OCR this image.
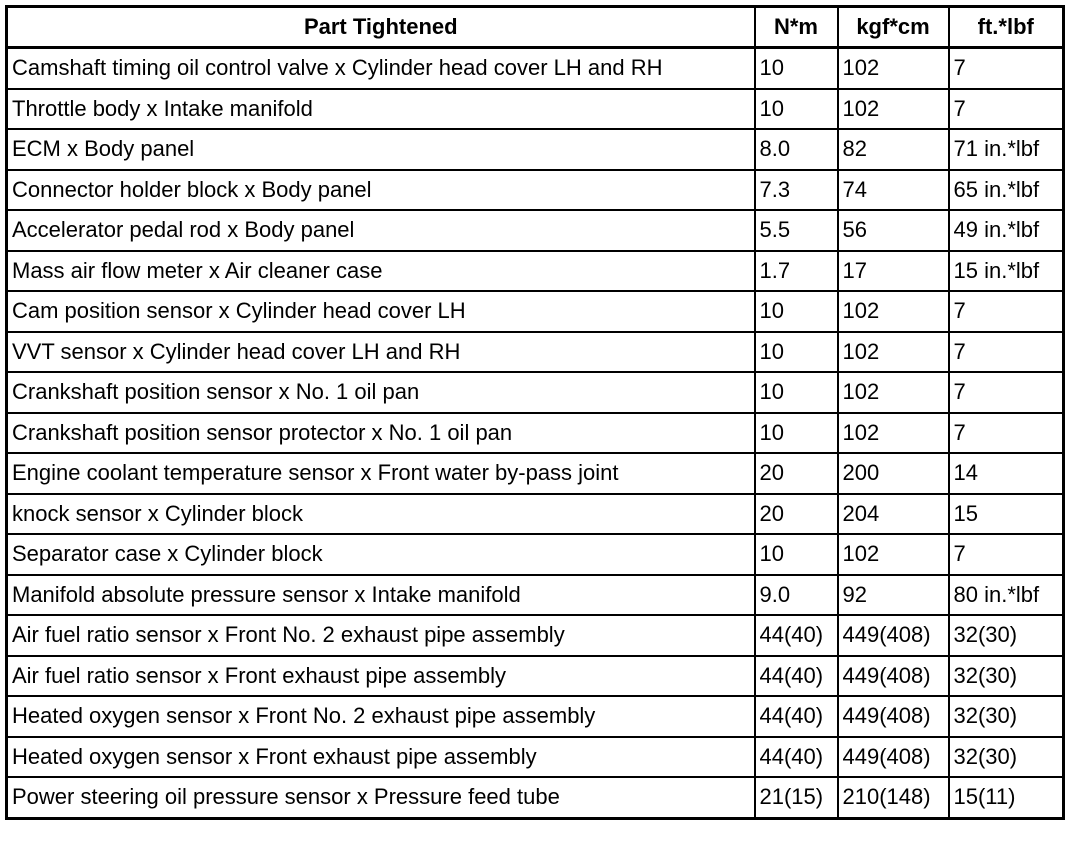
Part Tightened	N*m	kgf*cm	ft.*lbf
Camshaft timing oil control valve x Cylinder head cover LH and RH	10	102	7
Throttle body x Intake manifold	10	102	7
ECM x Body panel	8.0	82	71 in.*lbf
Connector holder block x Body panel	7.3	74	65 in.*lbf
Accelerator pedal rod x Body panel	5.5	56	49 in.*lbf
Mass air flow meter x Air cleaner case	1.7	17	15 in.*lbf
Cam position sensor x Cylinder head cover LH	10	102	7
VVT sensor x Cylinder head cover LH and RH	10	102	7
Crankshaft position sensor x No. 1 oil pan	10	102	7
Crankshaft position sensor protector x No. 1 oil pan	10	102	7
Engine coolant temperature sensor x Front water by-pass joint	20	200	14
knock sensor x Cylinder block	20	204	15
Separator case x Cylinder block	10	102	7
Manifold absolute pressure sensor x Intake manifold	9.0	92	80 in.*lbf
Air fuel ratio sensor x Front No. 2 exhaust pipe assembly	44(40)	449(408)	32(30)
Air fuel ratio sensor x Front exhaust pipe assembly	44(40)	449(408)	32(30)
Heated oxygen sensor x Front No. 2 exhaust pipe assembly	44(40)	449(408)	32(30)
Heated oxygen sensor x Front exhaust pipe assembly	44(40)	449(408)	32(30)
Power steering oil pressure sensor x Pressure feed tube	21(15)	210(148)	15(11)
